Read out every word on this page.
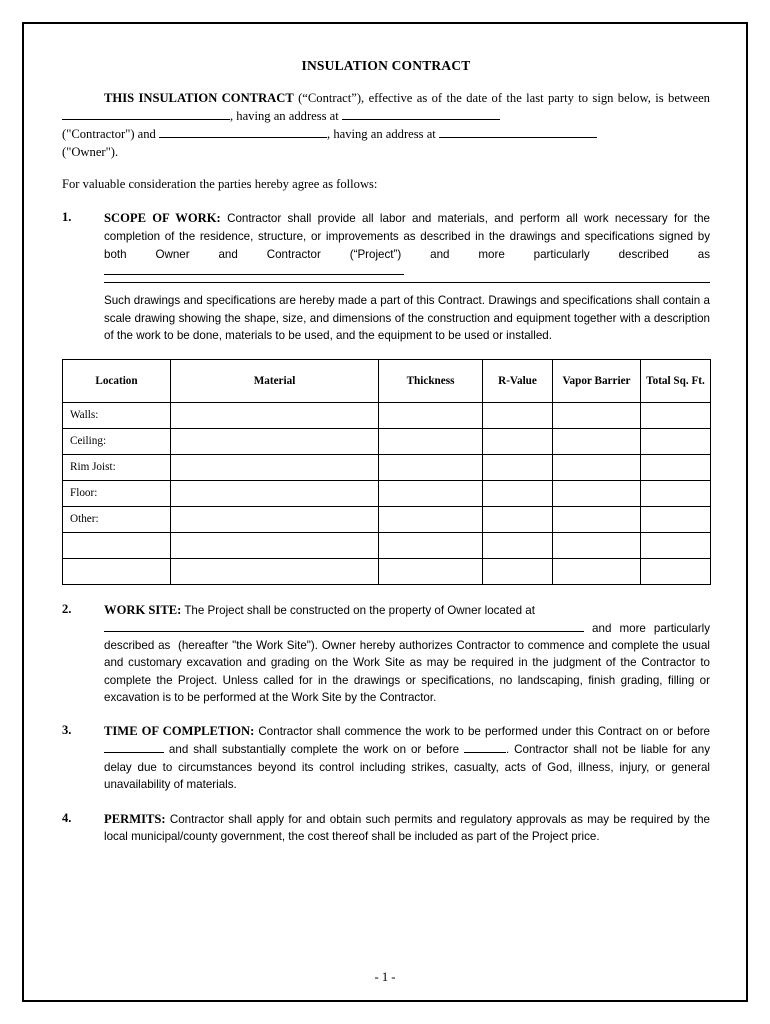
INSULATION CONTRACT

THIS INSULATION CONTRACT (“Contract”), effective as of the date of the last party to sign below, is between , having an address at
("Contractor") and	, having an address at
("Owner").

For valuable consideration the parties hereby agree as follows:

1.	SCOPE OF WORK: Contractor shall provide all labor and materials, and perform all work necessary for the completion of the residence, structure, or improvements as described in the drawings and specifications signed by both Owner and Contractor (“Project”) and more particularly described as
Such drawings and specifications are hereby made a part of this Contract. Drawings and specifications shall contain a scale drawing showing the shape, size, and dimensions of the construction and equipment together with a description of the work to be done, materials to be used, and the equipment to be used or installed.
Location	Material	Thickness	R-Value	Vapor Barrier	Total Sq. Ft.
Walls:					
Ceiling:					
Rim Joist:					
Floor:					
Other:					

2.	WORK SITE: The Project shall be constructed on the property of Owner located at
and more particularly described as  (hereafter "the Work Site"). Owner hereby authorizes Contractor to commence and complete the usual and customary excavation and grading on the Work Site as may be required in the judgment of the Contractor to complete the Project. Unless called for in the drawings or specifications, no landscaping, finish grading, filling or excavation is to be performed at the Work Site by the Contractor.
3.	TIME OF COMPLETION: Contractor shall commence the work to be performed under this Contract on or before  and shall substantially complete the work on or before	. Contractor shall not be liable for any delay due to circumstances beyond its control including strikes, casualty, acts of God, illness, injury, or general unavailability of materials.
4.	PERMITS: Contractor shall apply for and obtain such permits and regulatory approvals as may be required by the local municipal/county government, the cost thereof shall be included as part of the Project price.
- 1 -
